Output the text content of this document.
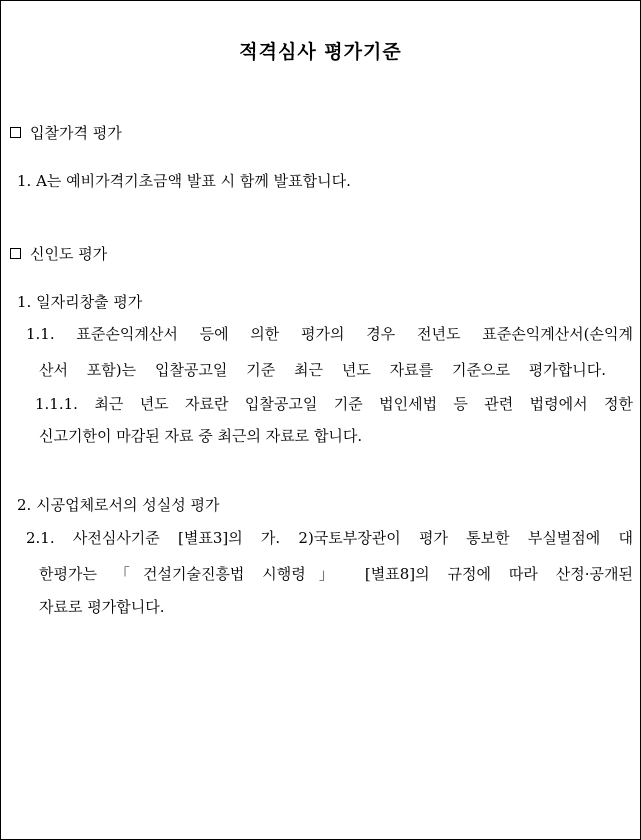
적격심사 평가기준
입찰가격 평가
1. A는 예비가격기초금액 발표 시 함께 발표합니다.
신인도 평가
1. 일자리창출 평가
1.1. 표준손익계산서 등에 의한 평가의 경우 전년도 표준손익계산서(손익계
산서 포함)는 입찰공고일 기준 최근 년도 자료를 기준으로 평가합니다.
1.1.1. 최근 년도 자료란 입찰공고일 기준 법인세법 등 관련 법령에서 정한
신고기한이 마감된 자료 중 최근의 자료로 합니다.
2. 시공업체로서의 성실성 평가
2.1. 사전심사기준 [별표3]의 가. 2)국토부장관이 평가 통보한 부실벌점에 대
한평가는 「건설기술진흥법 시행령」 [별표8]의 규정에 따라 산정·공개된
자료로 평가합니다.
